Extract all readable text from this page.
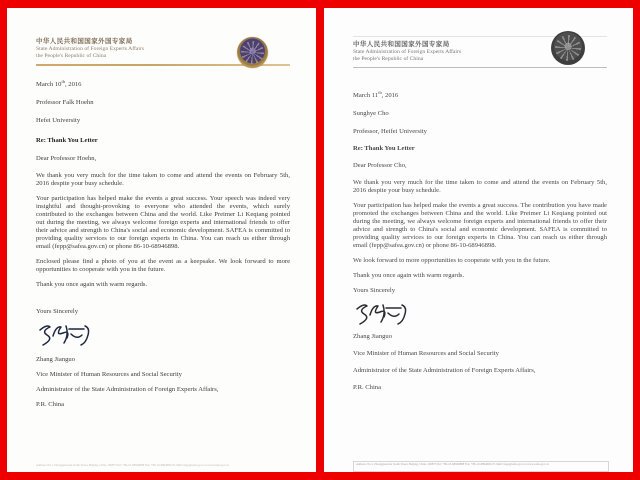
中华人民共和国国家外国专家局
State Administration of Foreign Experts Affairs
the People's Republic of China
March 10th, 2016
Professor Falk Hoehn
Hefei University
Re: Thank You Letter
Dear Professor Hoehn,
We thank you very much for the time taken to come and attend the events on February 5th, 2016 despite your busy schedule.
Your participation has helped make the events a great success. Your speech was indeed very insightful and thought-provoking to everyone who attended the events, which surely contributed to the exchanges between China and the world. Like Preimer Li Keqiang pointed out during the meeting, we always welcome foreign experts and international friends to offer their advice and strength to China's social and economic development. SAFEA is committed to providing quality services to our foreign experts in China. You can reach us either through email (fepp@safea.gov.cn) or phone 86-10-68946898.
Enclosed please find a photo of you at the event as a keepsake. We look forward to more opportunities to cooperate with you in the future.
Thank you once again with warm regards.
Yours Sincerely
Zhang Jianguo
Vice Minister of Human Resources and Social Security
Administrator of the State Administration of Foreign Experts Affairs,
P.R. China
Address: No.1 Zhongguancun South Street, Beijing, China 100873 Tel: +86-10-68946898 Fax: +86-10-68946652 E-Mail: fepp@safea.gov.cn www.safea.gov.cn
中华人民共和国国家外国专家局
State Administration of Foreign Experts Affairs
the People's Republic of China
March 11th, 2016
Sunghye Cho
Professor, Heifei University
Re: Thank You Letter
Dear Professor Cho,
We thank you very much for the time taken to come and attend the events on February 5th, 2016 despite your busy schedule.
Your participation has helped make the events a great success. The contribution you have made promoted the exchanges between China and the world. Like Preimer Li Keqiang pointed out during the meeting, we always welcome foreign experts and international friends to offer their advice and strength to China's social and economic development. SAFEA is committed to providing quality services to our foreign experts in China. You can reach us either through email (fepp@safea.gov.cn) or phone 86-10-68946898.
We look forward to more opportunities to cooperate with you in the future.
Thank you once again with warm regards.
Yours Sincerely
Zhang Jianguo
Vice Minister of Human Resources and Social Security
Administrator of the State Administration of Foreign Experts Affairs,
P.R. China
Address: No.1 Zhongguancun South Street, Beijing, China 100873 Tel: +86-10-68946898 Fax: +86-10-68946652 E-Mail: fepp@safea.gov.cn www.safea.gov.cn
